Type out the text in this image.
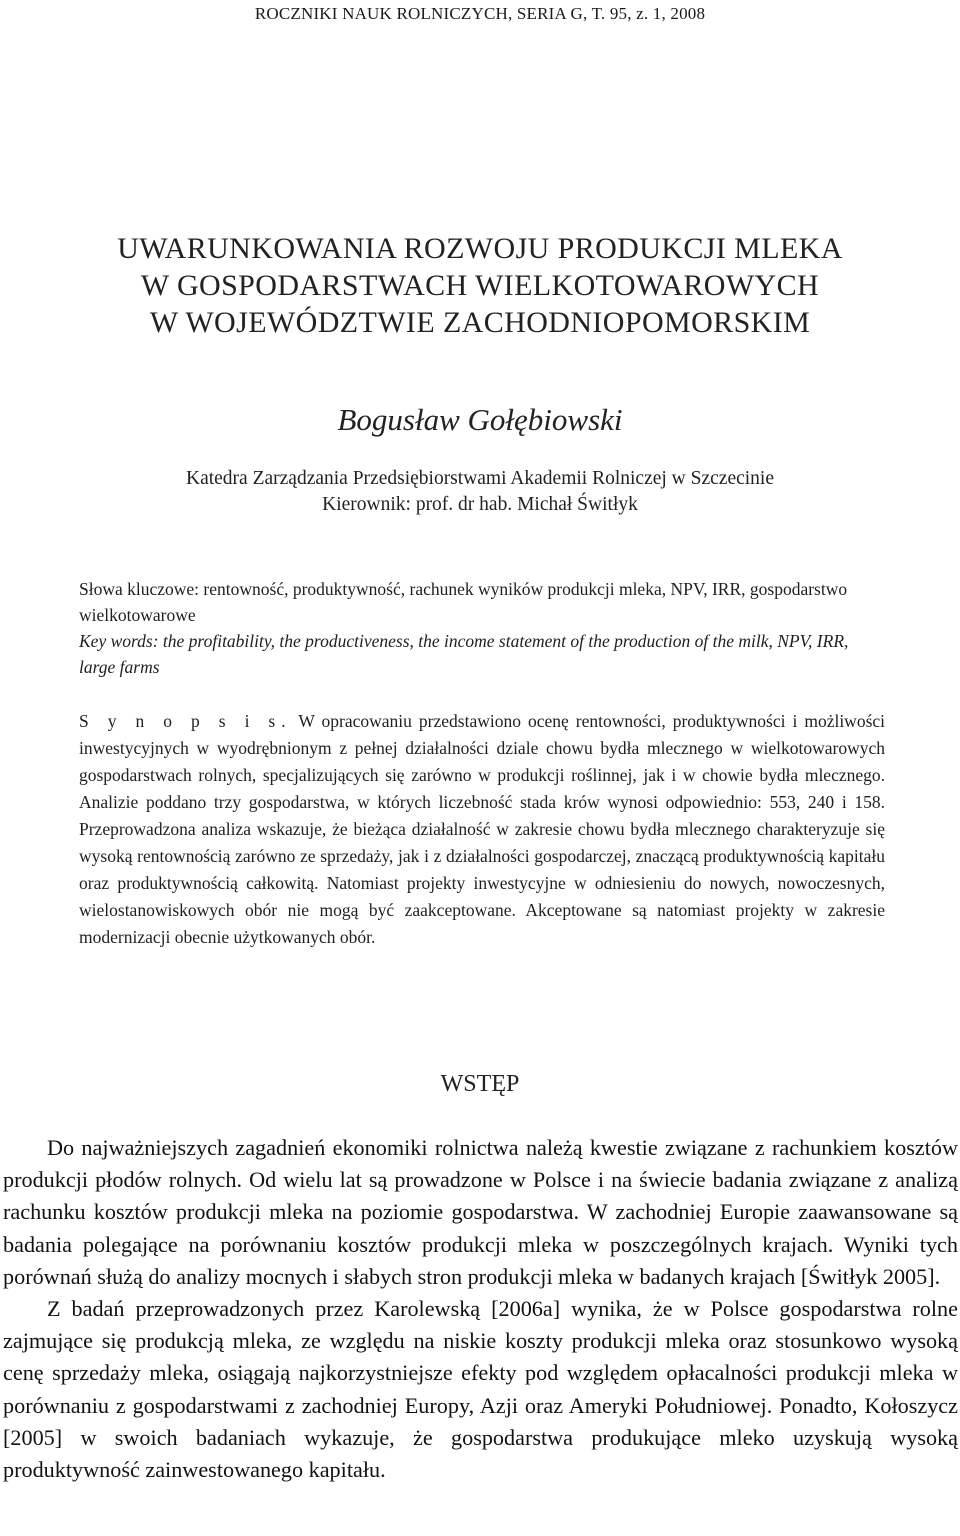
ROCZNIKI NAUK ROLNICZYCH, SERIA G, T. 95, z. 1, 2008
UWARUNKOWANIA ROZWOJU PRODUKCJI MLEKA
W GOSPODARSTWACH WIELKOTOWAROWYCH
W WOJEWÓDZTWIE ZACHODNIOPOMORSKIM
Bogusław Gołębiowski
Katedra Zarządzania Przedsiębiorstwami Akademii Rolniczej w Szczecinie
Kierownik: prof. dr hab. Michał Świtłyk
Słowa kluczowe: rentowność, produktywność, rachunek wyników produkcji mleka, NPV, IRR, gospodarstwo wielkotowarowe
Key words: the profitability, the productiveness, the income statement of the production of the milk, NPV, IRR, large farms
S y n o p s i s. W opracowaniu przedstawiono ocenę rentowności, produktywności i możliwości inwestycyjnych w wyodrębnionym z pełnej działalności dziale chowu bydła mlecznego w wielkotowarowych gospodarstwach rolnych, specjalizujących się zarówno w produkcji roślinnej, jak i w chowie bydła mlecznego. Analizie poddano trzy gospodarstwa, w których liczebność stada krów wynosi odpowiednio: 553, 240 i 158. Przeprowadzona analiza wskazuje, że bieżąca działalność w zakresie chowu bydła mlecznego charakteryzuje się wysoką rentownością zarówno ze sprzedaży, jak i z działalności gospodarczej, znaczącą produktywnością kapitału oraz produktywnością całkowitą. Natomiast projekty inwestycyjne w odniesieniu do nowych, nowoczesnych, wielostanowiskowych obór nie mogą być zaakceptowane. Akceptowane są natomiast projekty w zakresie modernizacji obecnie użytkowanych obór.
WSTĘP

Do najważniejszych zagadnień ekonomiki rolnictwa należą kwestie związane z rachunkiem kosztów produkcji płodów rolnych. Od wielu lat są prowadzone w Polsce i na świecie badania związane z analizą rachunku kosztów produkcji mleka na poziomie gospodarstwa. W zachodniej Europie zaawansowane są badania polegające na porównaniu kosztów produkcji mleka w poszczególnych krajach. Wyniki tych porównań służą do analizy mocnych i słabych stron produkcji mleka w badanych krajach [Świtłyk 2005].

Z badań przeprowadzonych przez Karolewską [2006a] wynika, że w Polsce gospodarstwa rolne zajmujące się produkcją mleka, ze względu na niskie koszty produkcji mleka oraz stosunkowo wysoką cenę sprzedaży mleka, osiągają najkorzystniejsze efekty pod względem opłacalności produkcji mleka w porównaniu z gospodarstwami z zachodniej Europy, Azji oraz Ameryki Południowej. Ponadto, Kołoszycz [2005] w swoich badaniach wykazuje, że gospodarstwa produkujące mleko uzyskują wysoką produktywność zainwestowanego kapitału.
